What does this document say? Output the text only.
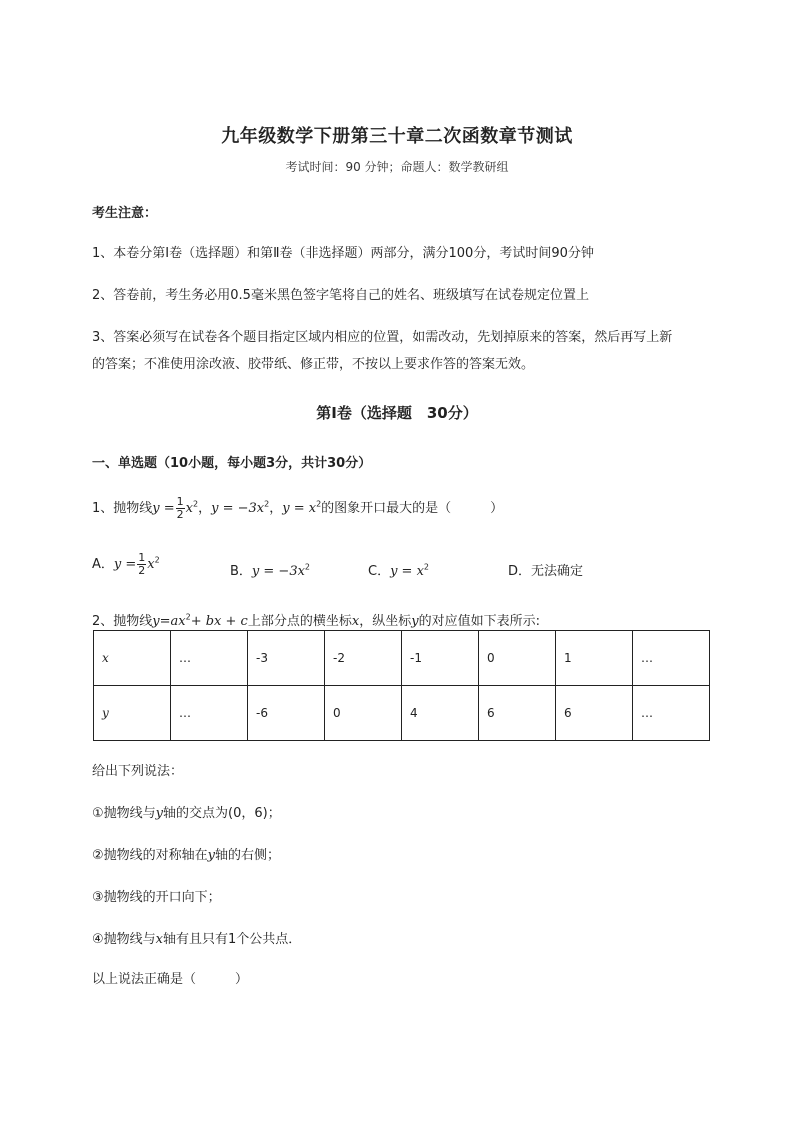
九年级数学下册第三十章二次函数章节测试
考试时间：90 分钟；命题人：数学教研组
考生注意：
1、本卷分第Ⅰ卷（选择题）和第Ⅱ卷（非选择题）两部分，满分100分，考试时间90分钟
2、答卷前，考生务必用0.5毫米黑色签字笔将自己的姓名、班级填写在试卷规定位置上
3、答案必须写在试卷各个题目指定区域内相应的位置，如需改动，先划掉原来的答案，然后再写上新
的答案；不准使用涂改液、胶带纸、修正带，不按以上要求作答的答案无效。
第Ⅰ卷（选择题　30分）
一、单选题（10小题，每小题3分，共计30分）
1、抛物线$y = \frac{1}{2} x^2$，$y = -3x^2$，$y = x^2$的图象开口最大的是（　　　）
A．$y = \frac{1}{2} x^2$
B．$y = -3x^2$	C．$y = x^2$	D．无法确定
2、抛物线$y=ax^2+$ bx + c上部分点的横坐标x，纵坐标y的对应值如下表所示:
x	…	-3	-2	-1	0	1	…
y	…	-6	0	4	6	6	…
给出下列说法：
①抛物线与y轴的交点为(0，6)；
②抛物线的对称轴在y轴的右侧；
③抛物线的开口向下；
④抛物线与x轴有且只有1个公共点．
以上说法正确是（　　　）
